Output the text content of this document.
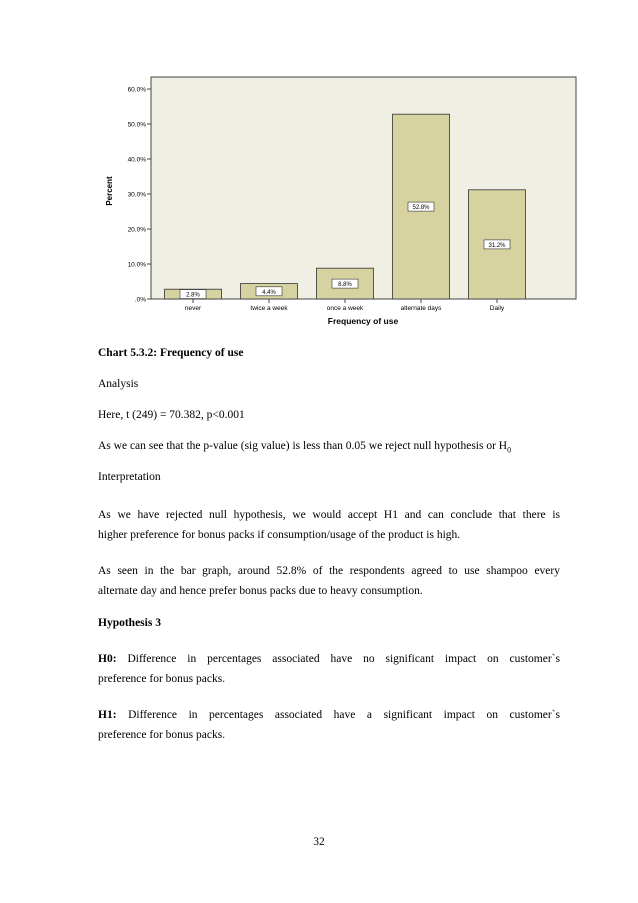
.0%
10.0%
20.0%
30.0%
40.0%
50.0%
60.0%
2.8%	4.4%
8.8%
52.8%
31.2%
never	twice a week	once a week	alternate days	Daily
Percent
Frequency of use
Chart 5.3.2: Frequency of use
Analysis
Here, t (249) = 70.382, p<0.001
As we can see that the p-value (sig value) is less than 0.05 we reject null hypothesis or $H_0$
Interpretation
As we have rejected null hypothesis, we would accept H1 and can conclude that there is
higher preference for bonus packs if consumption/usage of the product is high.
As seen in the bar graph, around 52.8% of the respondents agreed to use shampoo every
alternate day and hence prefer bonus packs due to heavy consumption.
Hypothesis 3
H0: Difference in percentages associated have no significant impact on customer`s
preference for bonus packs.
H1: Difference in percentages associated have a significant impact on customer`s
preference for bonus packs.
32
